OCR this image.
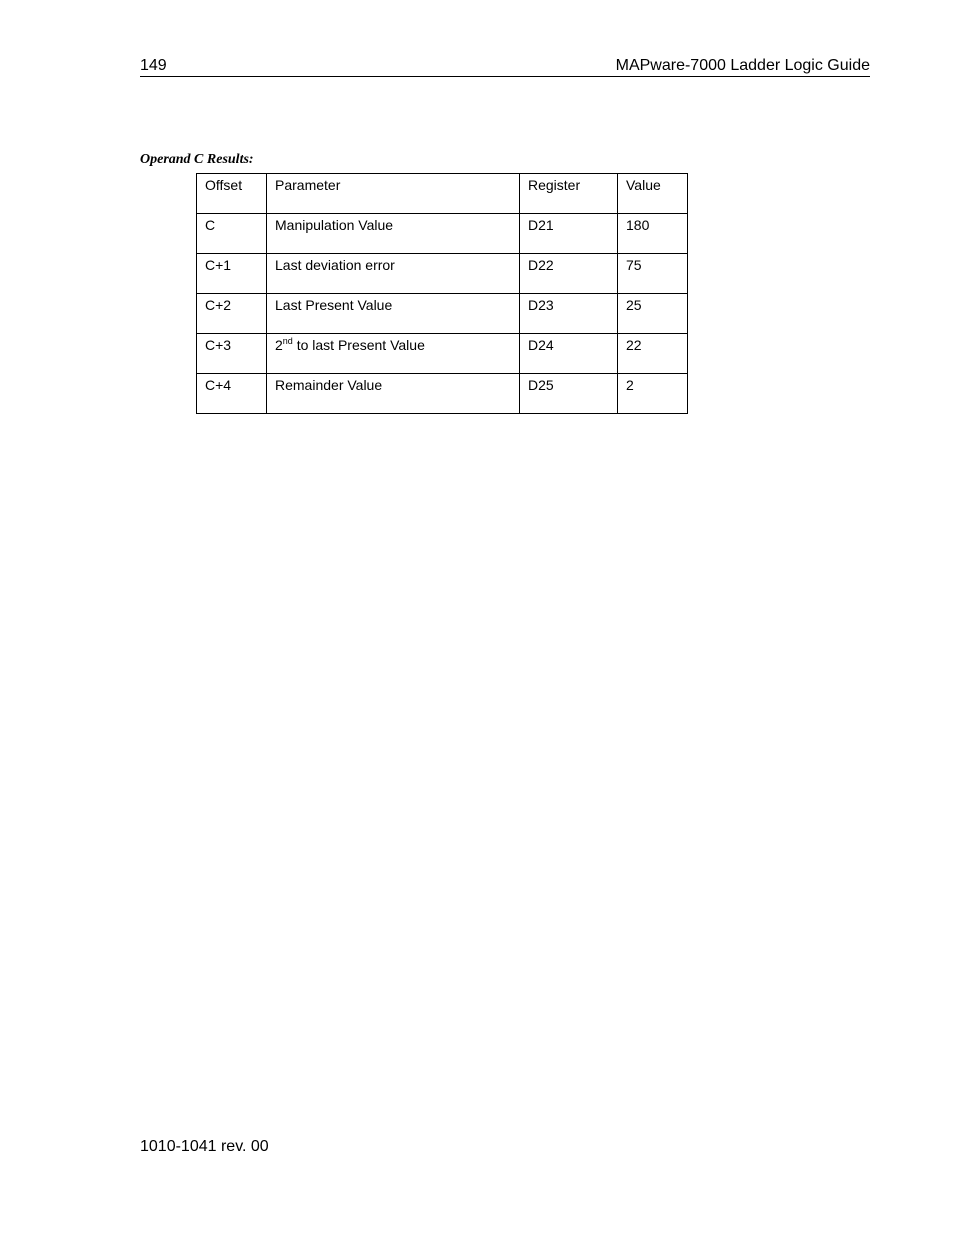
149	MAPware-7000 Ladder Logic Guide
Operand C Results:
Offset	Parameter	Register	Value
C	Manipulation Value	D21	180
C+1	Last deviation error	D22	75
C+2	Last Present Value	D23	25
C+3	2nd to last Present Value	D24	22
C+4	Remainder Value	D25	2
1010-1041 rev. 00
